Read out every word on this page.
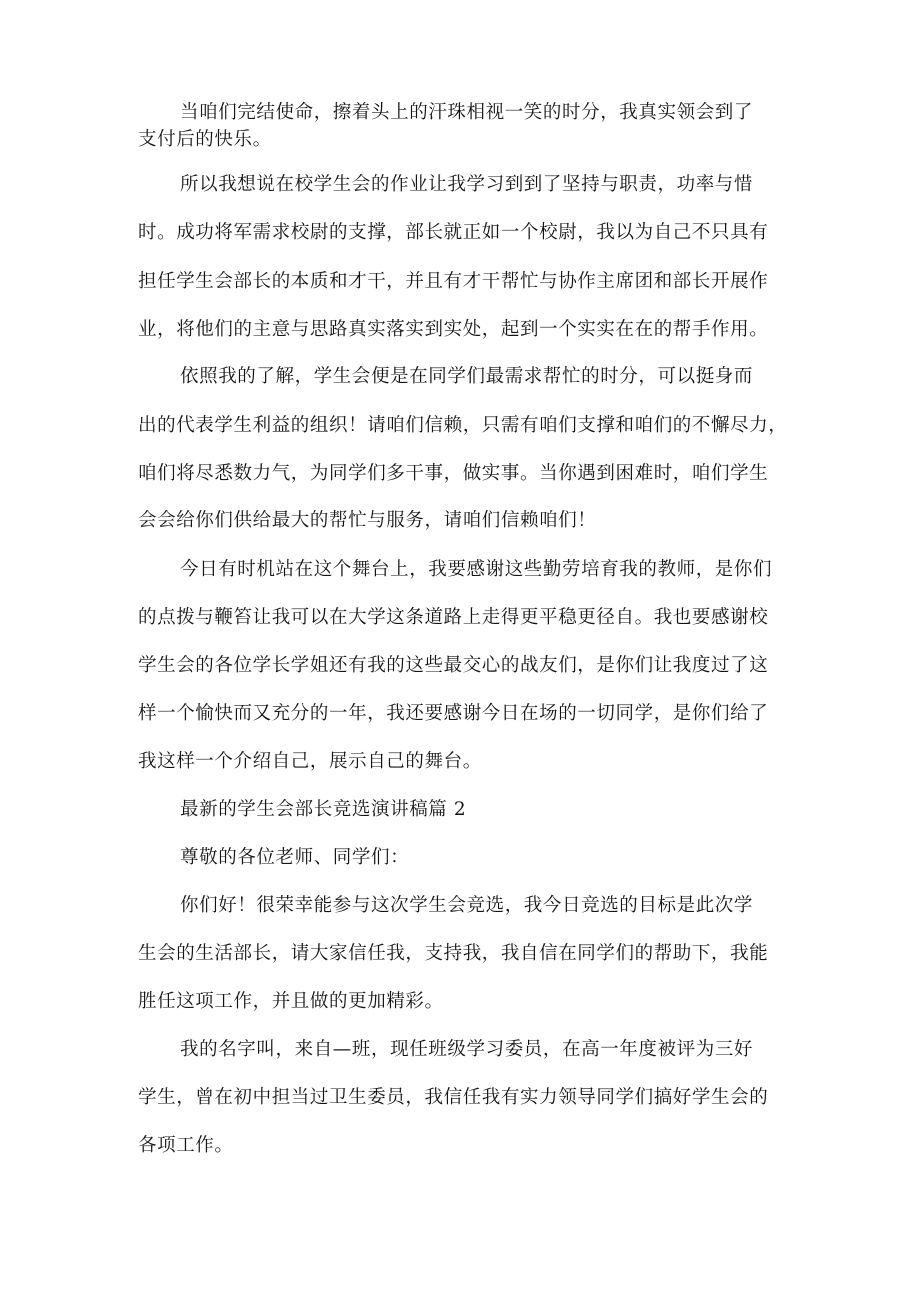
当咱们完结使命，擦着头上的汗珠相视一笑的时分，我真实领会到了
支付后的快乐。
所以我想说在校学生会的作业让我学习到到了坚持与职责，功率与惜
时。成功将军需求校尉的支撑，部长就正如一个校尉，我以为自己不只具有
担任学生会部长的本质和才干，并且有才干帮忙与协作主席团和部长开展作
业，将他们的主意与思路真实落实到实处，起到一个实实在在的帮手作用。
依照我的了解，学生会便是在同学们最需求帮忙的时分，可以挺身而
出的代表学生利益的组织！请咱们信赖，只需有咱们支撑和咱们的不懈尽力，
咱们将尽悉数力气，为同学们多干事，做实事。当你遇到困难时，咱们学生
会会给你们供给最大的帮忙与服务，请咱们信赖咱们！
今日有时机站在这个舞台上，我要感谢这些勤劳培育我的教师，是你们
的点拨与鞭笞让我可以在大学这条道路上走得更平稳更径自。我也要感谢校
学生会的各位学长学姐还有我的这些最交心的战友们，是你们让我度过了这
样一个愉快而又充分的一年，我还要感谢今日在场的一切同学，是你们给了
我这样一个介绍自己，展示自己的舞台。
最新的学生会部长竞选演讲稿篇 2
尊敬的各位老师、同学们：
你们好！很荣幸能参与这次学生会竞选，我今日竞选的目标是此次学
生会的生活部长，请大家信任我，支持我，我自信在同学们的帮助下，我能
胜任这项工作，并且做的更加精彩。
我的名字叫，来自—班，现任班级学习委员，在高一年度被评为三好
学生，曾在初中担当过卫生委员，我信任我有实力领导同学们搞好学生会的
各项工作。
